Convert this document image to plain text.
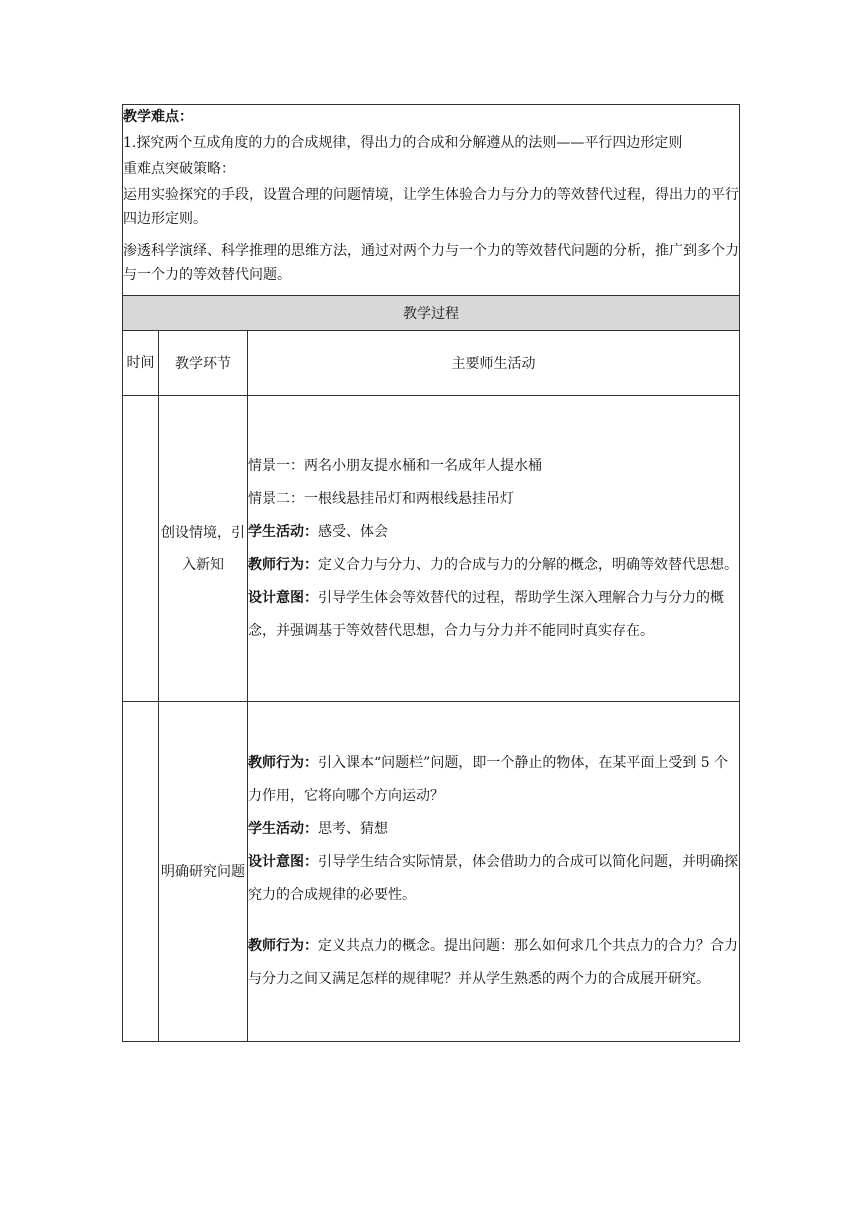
教学难点：

1.探究两个互成角度的力的合成规律，得出力的合成和分解遵从的法则——平行四边形定则

重难点突破策略：

运用实验探究的手段，设置合理的问题情境，让学生体验合力与分力的等效替代过程，得出力的平行四边形定则。

渗透科学演绎、科学推理的思维方法，通过对两个力与一个力的等效替代问题的分析，推广到多个力与一个力的等效替代问题。		

教学过程		
时间	教学环节	主要师生活动
	创设情境，引入新知	情景一：两名小朋友提水桶和一名成年人提水桶

情景二：一根线悬挂吊灯和两根线悬挂吊灯

学生活动：感受、体会

教师行为：定义合力与分力、力的合成与力的分解的概念，明确等效替代思想。

设计意图：引导学生体会等效替代的过程，帮助学生深入理解合力与分力的概念，并强调基于等效替代思想，合力与分力并不能同时真实存在。

	明确研究问题	教师行为：引入课本“问题栏”问题，即一个静止的物体，在某平面上受到 5 个力作用，它将向哪个方向运动？

学生活动：思考、猜想

设计意图：引导学生结合实际情景，体会借助力的合成可以简化问题，并明确探究力的合成规律的必要性。

教师行为：定义共点力的概念。提出问题：那么如何求几个共点力的合力？合力与分力之间又满足怎样的规律呢？并从学生熟悉的两个力的合成展开研究。
